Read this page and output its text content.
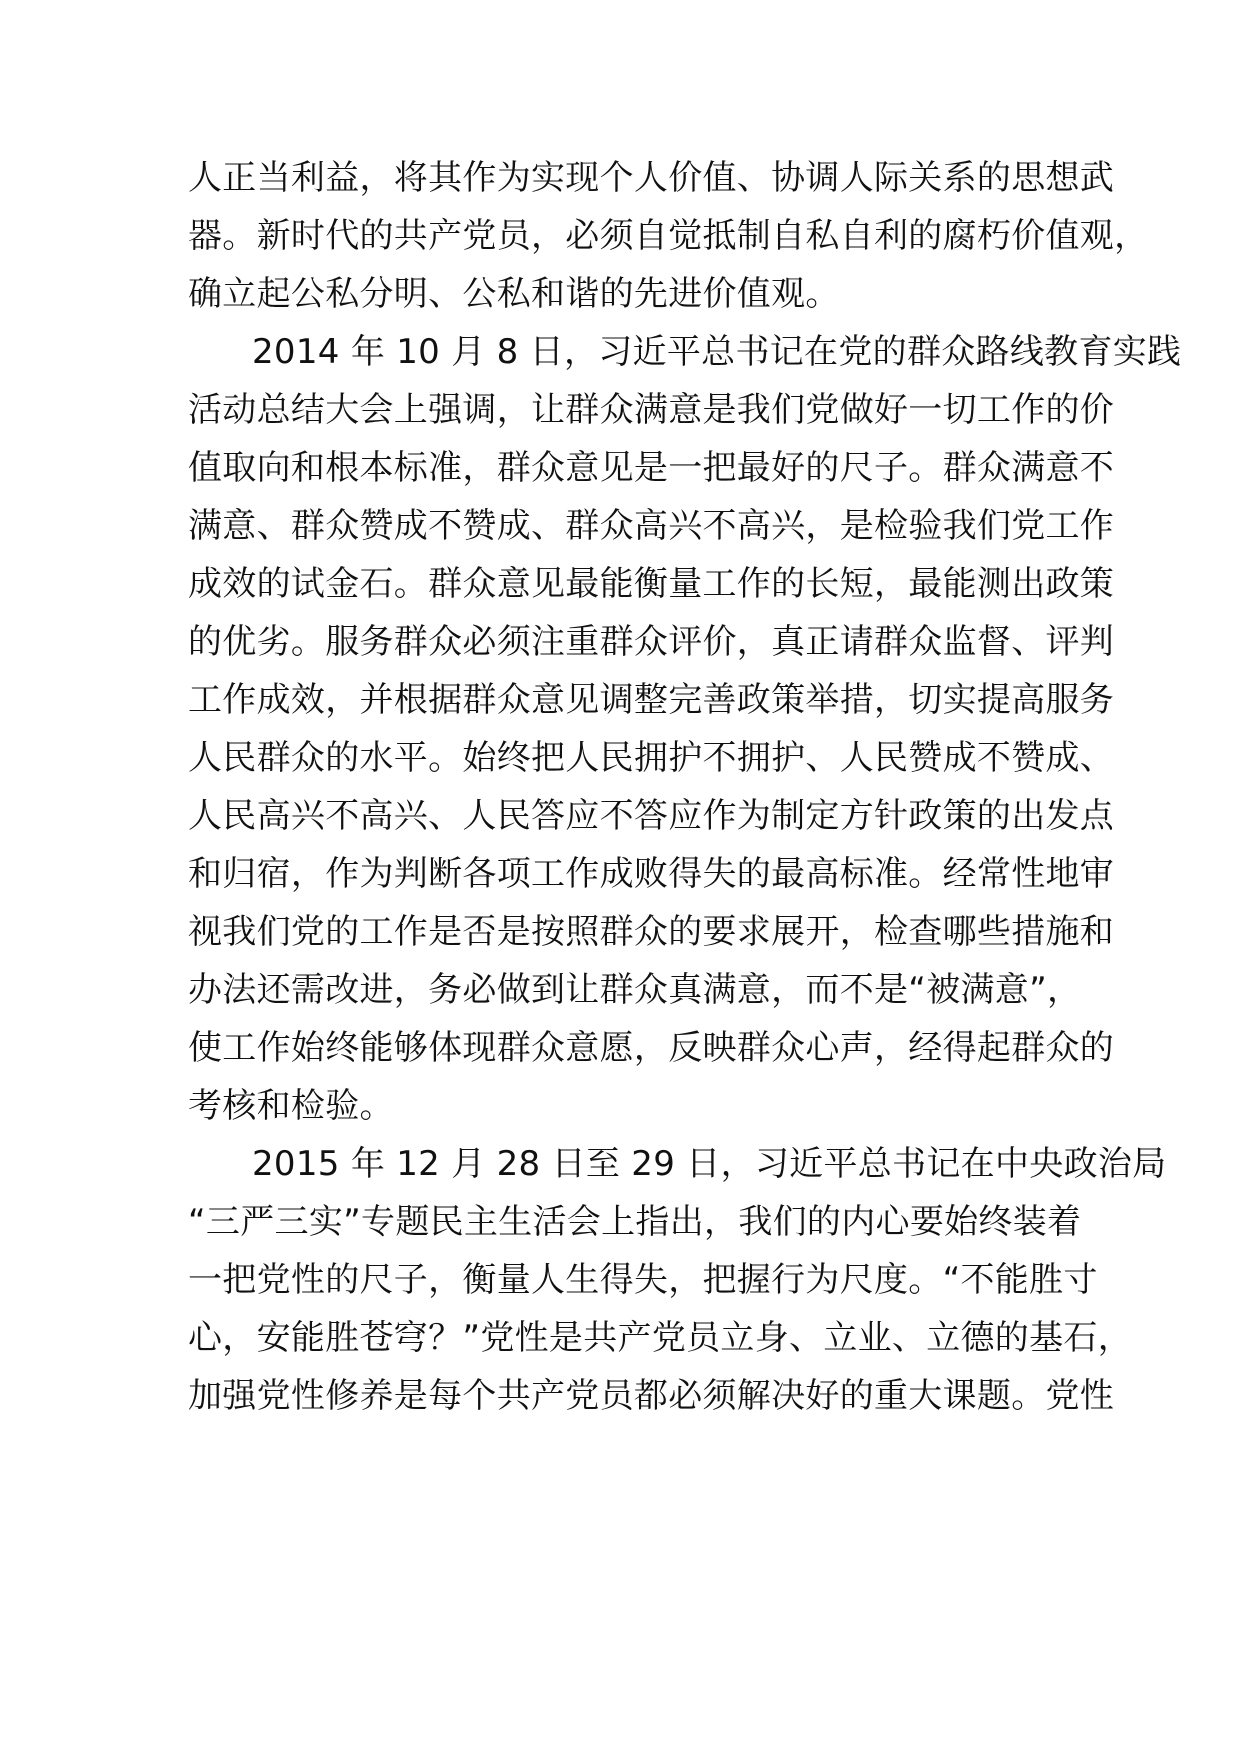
人正当利益，将其作为实现个人价值、协调人际关系的思想武
器。新时代的共产党员，必须自觉抵制自私自利的腐朽价值观，
确立起公私分明、公私和谐的先进价值观。
2014 年 10 月 8 日，习近平总书记在党的群众路线教育实践
活动总结大会上强调，让群众满意是我们党做好一切工作的价
值取向和根本标准，群众意见是一把最好的尺子。群众满意不
满意、群众赞成不赞成、群众高兴不高兴，是检验我们党工作
成效的试金石。群众意见最能衡量工作的长短，最能测出政策
的优劣。服务群众必须注重群众评价，真正请群众监督、评判
工作成效，并根据群众意见调整完善政策举措，切实提高服务
人民群众的水平。始终把人民拥护不拥护、人民赞成不赞成、
人民高兴不高兴、人民答应不答应作为制定方针政策的出发点
和归宿，作为判断各项工作成败得失的最高标准。经常性地审
视我们党的工作是否是按照群众的要求展开，检查哪些措施和
办法还需改进，务必做到让群众真满意，而不是“被满意”，
使工作始终能够体现群众意愿，反映群众心声，经得起群众的
考核和检验。
2015 年 12 月 28 日至 29 日，习近平总书记在中央政治局
“三严三实”专题民主生活会上指出，我们的内心要始终装着
一把党性的尺子，衡量人生得失，把握行为尺度。“不能胜寸
心，安能胜苍穹？”党性是共产党员立身、立业、立德的基石，
加强党性修养是每个共产党员都必须解决好的重大课题。党性
